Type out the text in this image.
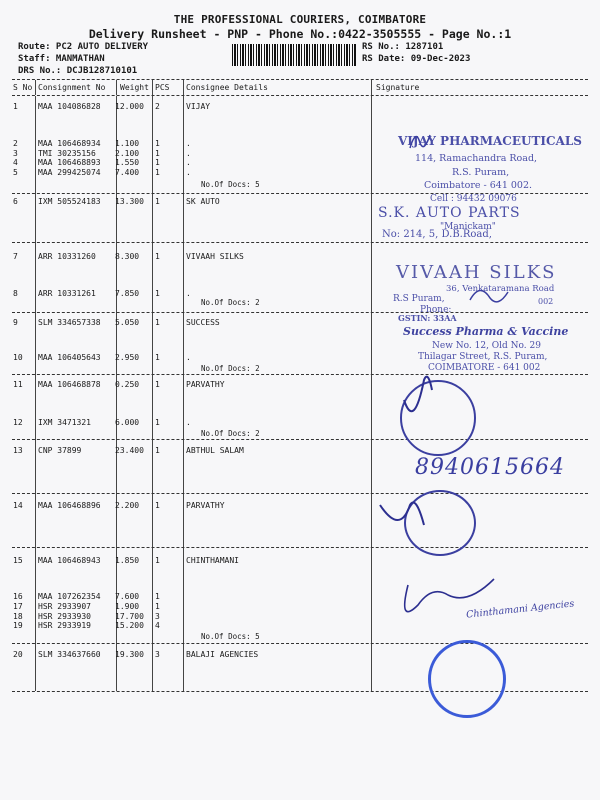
THE PROFESSIONAL COURIERS, COIMBATORE
Delivery Runsheet - PNP - Phone No.:0422-3505555 - Page No.:1
Route: PC2 AUTO DELIVERY
Staff: MANMATHAN
DRS No.: DCJB128710101
RS No.: 1287101
RS Date: 09-Dec-2023
S No Consignment No Weight PCS Consignee Details	Signature
1	MAA 104086828 12.000 2	VIJAY
2	MAA 106468934 1.100 1	.
3	TMI 30235156 2.100 1	.
4	MAA 106468893 1.550 1	.
5	MAA 299425074 7.400 1	.
6	IXM 505524183 13.300 1	SK AUTO
7	ARR 10331260 8.300 1	VIVAAH SILKS
8	ARR 10331261 7.850 1	.
9	SLM 334657338 5.050 1	SUCCESS
10 MAA 106405643 2.950 1	.
11 MAA 106468878 0.250 1	PARVATHY
12 IXM 3471321	6.000 1	.
13 CNP 37899	23.400 1	ABTHUL SALAM
14 MAA 106468896 2.200 1	PARVATHY
15 MAA 106468943 1.850 1	CHINTHAMANI
16 MAA 107262354 7.600 1
17 HSR 2933907	1.900 1
18 HSR 2933930	17.700 3
19 HSR 2933919	15.200 4
20 SLM 334637660 19.300 3	BALAJI AGENCIES
No.Of Docs: 5
No.Of Docs: 2
No.Of Docs: 2
No.Of Docs: 2
No.Of Docs: 5
VIJAY PHARMACEUTICALS
114, Ramachandra Road,
R.S. Puram,
Coimbatore - 641 002.
Cell : 94432 09076
S.K. AUTO PARTS
"Manickam"
No: 214, 5, D.B.Road,
VIVAAH SILKS
36, Venkataramana Road
R.S Puram,
Phone:
002
GSTIN: 33AA
Success Pharma & Vaccine
New No. 12, Old No. 29
Thilagar Street, R.S. Puram,
COIMBATORE - 641 002
8940615664
Chinthamani Agencies
